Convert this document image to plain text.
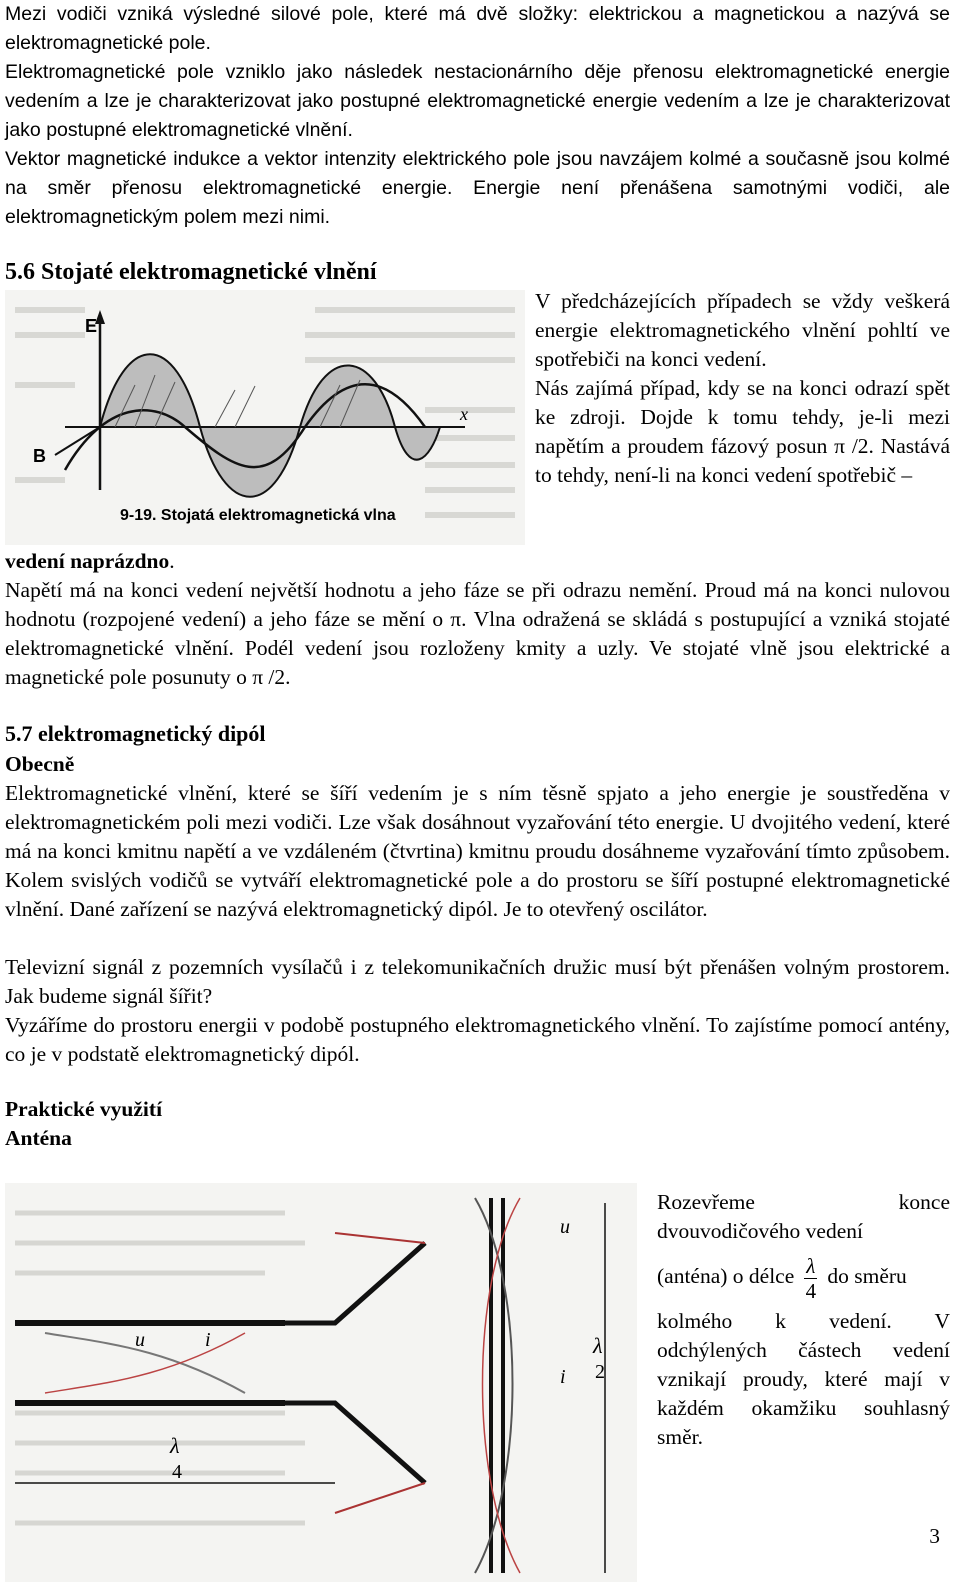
Mezi vodiči vzniká výsledné silové pole, které má dvě složky: elektrickou a magnetickou a nazývá se elektromagnetické pole.

Elektromagnetické pole vzniklo jako následek nestacionárního děje přenosu elektromagnetické energie vedením a lze je charakterizovat jako postupné elektromagnetické energie vedením a lze je charakterizovat jako postupné elektromagnetické vlnění.

Vektor magnetické indukce a vektor intenzity elektrického pole jsou navzájem kolmé a současně jsou kolmé na směr přenosu elektromagnetické energie. Energie není přenášena samotnými vodiči, ale elektromagnetickým polem mezi nimi.

5.6 Stojaté elektromagnetické vlnění
E
B
x
9-19. Stojatá elektromagnetická vlna

V předcházejících případech se vždy veškerá energie elektromagnetického vlnění pohltí ve spotřebiči na konci vedení.

Nás zajímá případ, kdy se na konci odrazí spět ke zdroji. Dojde k tomu tehdy, je-li mezi napětím a proudem fázový posun π /2. Nastává to tehdy, není-li na konci vedení spotřebič –

vedení naprázdno.

Napětí má na konci vedení největší hodnotu a jeho fáze se při odrazu nemění. Proud má na konci nulovou hodnotu (rozpojené vedení) a jeho fáze se mění o π. Vlna odražená se skládá s postupující a vzniká stojaté elektromagnetické vlnění. Podél vedení jsou rozloženy kmity a uzly. Ve stojaté vlně jsou elektrické a magnetické pole posunuty o π /2.

5.7 elektromagnetický dipól
Obecně

Elektromagnetické vlnění, které se šíří vedením je s ním těsně spjato a jeho energie je soustředěna v elektromagnetickém poli mezi vodiči. Lze však dosáhnout vyzařování této energie. U dvojitého vedení, které má na konci kmitnu napětí a ve vzdáleném (čtvrtina) kmitnu proudu dosáhneme vyzařování tímto způsobem. Kolem svislých vodičů se vytváří elektromagnetické pole a do prostoru se šíří postupné elektromagnetické vlnění. Dané zařízení se nazývá elektromagnetický dipól. Je to otevřený oscilátor.

Televizní signál z pozemních vysílačů i z telekomunikačních družic musí být přenášen volným prostorem. Jak budeme signál šířit?

Vyzáříme do prostoru energii v podobě postupného elektromagnetického vlnění. To zajístíme pomocí antény, co je v podstatě elektromagnetický dipól.

Praktické využití
Anténa
u	i
λ
4
u
i
λ
2

Rozevřeme konce dvouvodičového vedení

(anténa) o délce $\frac{\lambda}{4}$ do směru

kolmého k vedení. V odchýlených částech vedení vznikají proudy, které mají v každém okamžiku souhlasný směr.

3
